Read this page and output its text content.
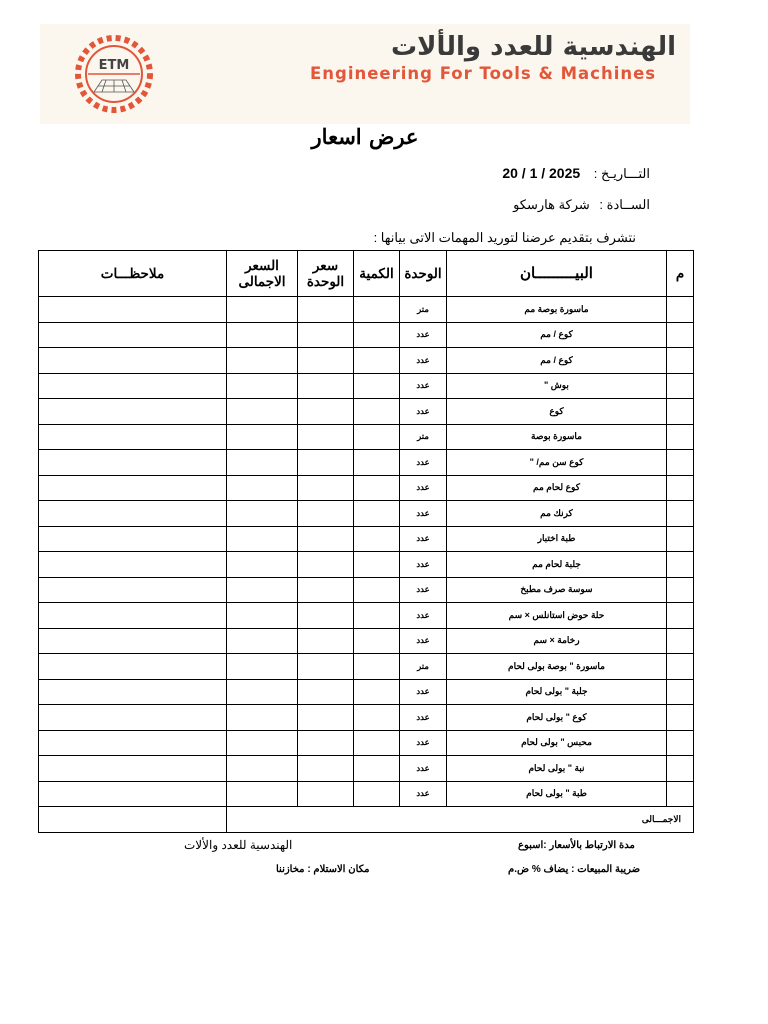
ETM
الهندسية للعدد والألات
Engineering For Tools & Machines
عرض اسعار
التـــاريـخ : 20 / 1 / 2025
الســادة : شركة هارسكو
نتشرف بتقديم عرضنا لتوريد المهمات الاتى بيانها :
ملاحظـــات	السعر الاجمالى	سعر الوحدة	الكمية	الوحدة	البيـــــــــان	م
				متر	ماسورة بوصة مم	
				عدد	كوع / مم	
				عدد	كوع / مم	
				عدد	بوش "	
				عدد	كوع	
				متر	ماسورة بوصة	
				عدد	كوع سن مم/ "	
				عدد	كوع لحام مم	
				عدد	كرنك مم	
				عدد	طبة اختبار	
				عدد	جلبة لحام مم	
				عدد	سوسة صرف مطبخ	
				عدد	حلة حوض استانلس × سم	
				عدد	رخامة × سم	
				متر	ماسورة " بوصة بولى لحام	
				عدد	جلبة " بولى لحام	
				عدد	كوع " بولى لحام	
				عدد	محبس " بولى لحام	
				عدد	نبة " بولى لحام	
				عدد	طبة " بولى لحام	
	الاجمـــالى					
مدة الارتباط بالأسعار :اسبوع
الهندسية للعدد والألات
ضريبة المبيعات : يضاف % ض.م
مكان الاستلام : مخازننا
